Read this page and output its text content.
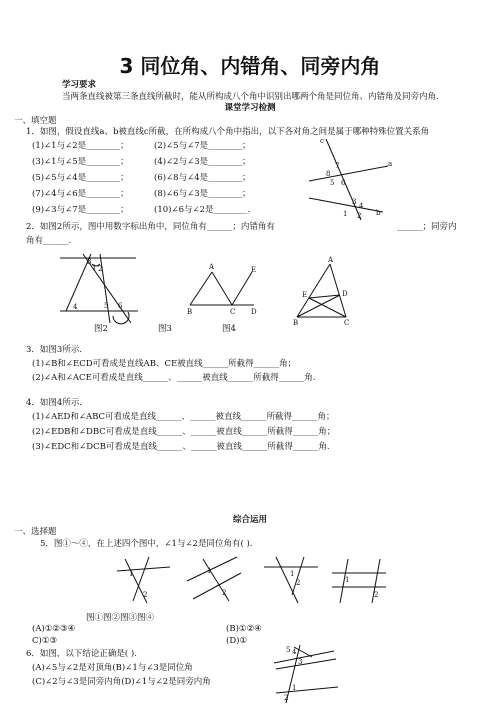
3 同位角、内错角、同旁内角
学习要求
当两条直线被第三条直线所截时，能从所构成八个角中识别出哪两个角是同位角、内错角及同旁内角.
课堂学习检测
一、填空题
1．如图，假设直线a、b被直线c所截，在所构成八个角中指出，以下各对角之间是属于哪种特殊位置关系角
(1)∠1与∠2是________；	(2)∠5与∠7是________；
(3)∠1与∠5是________；	(4)∠2与∠3是________；
(5)∠5与∠4是________；	(6)∠8与∠4是________；
(7)∠4与∠6是________；	(8)∠6与∠3是________；
(9)∠3与∠7是________；	(10)∠6与∠2是________.
c
a
b
7
8
5 6
3 4
1 2
2．如图2所示，图中用数字标出角中，同位角有______；内错角有	______；同旁内
角有______.
1 2
3
4	5 6
A	E
B	C D
A
E	D
B	C
图2	图3	图4
3．如图3所示．
(1)∠B和∠ECD可看成是直线AB、CE被直线______所截得______角；
(2)∠A和∠ACE可看成是直线______、______被直线______所截得______角.
4．如图4所示．
(1)∠AED和∠ABC可看成是直线______、______被直线______所截得______角；
(2)∠EDB和∠DBC可看成是直线______、______被直线______所截得______角；
(3)∠EDC和∠DCB可看成是直线______、______被直线______所截得______角.
综合运用
一、选择题
5．图①～④，在上述四个图中，∠1与∠2是同位角有( ).
1
2
1
2
1
2	1
2
图①图②图③图④
(A)①②③④	(B)①②④
C)①③	(D)①
6．如图，以下结论正确是( ).
(A)∠5与∠2是对顶角(B)∠1与∠3是同位角
(C)∠2与∠3是同旁内角(D)∠1与∠2是同旁内角
5 4
3
1
2
